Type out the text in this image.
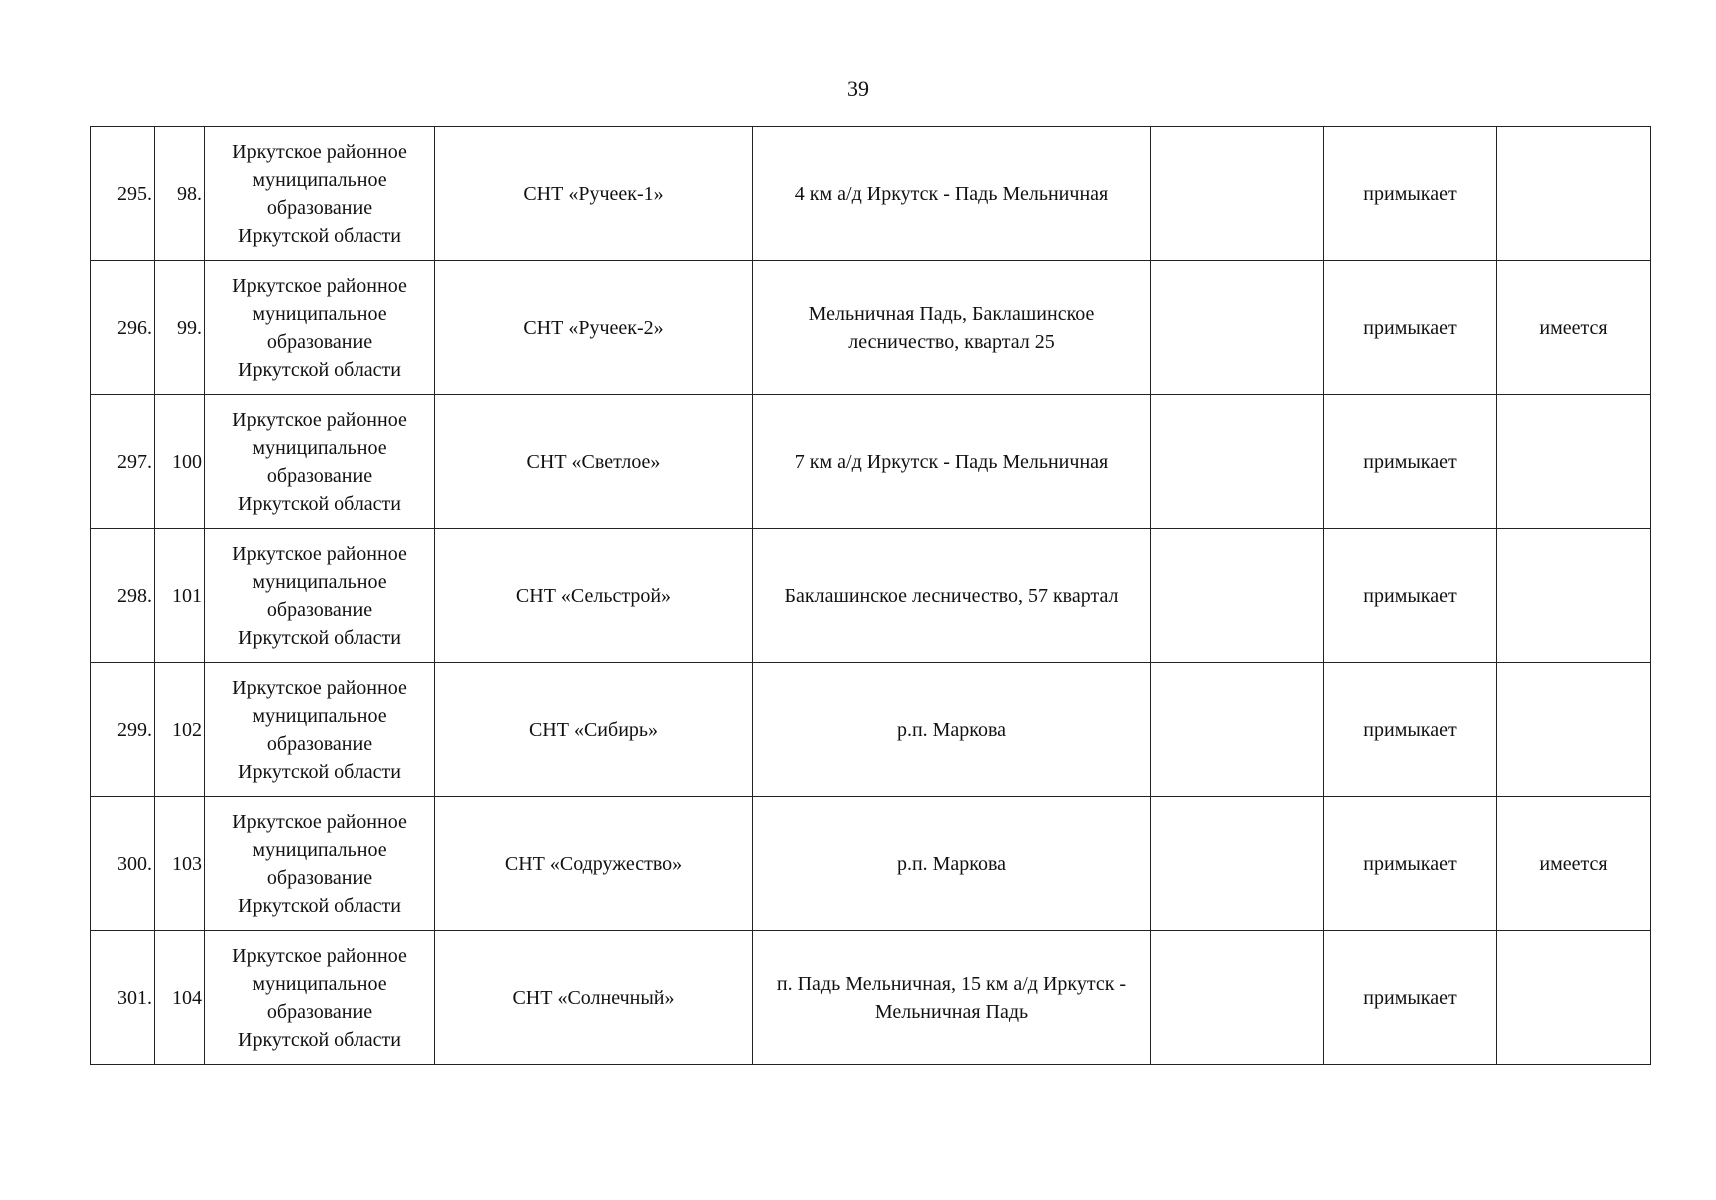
39
295.	98.	Иркутское районное
муниципальное
образование
Иркутской области	СНТ «Ручеек-1»	4 км а/д Иркутск - Падь Мельничная		примыкает	
296.	99.	Иркутское районное
муниципальное
образование
Иркутской области	СНТ «Ручеек-2»	Мельничная Падь, Баклашинское лесничество, квартал 25		примыкает	имеется
297.	100	Иркутское районное
муниципальное
образование
Иркутской области	СНТ «Светлое»	7 км а/д Иркутск - Падь Мельничная		примыкает	
298.	101	Иркутское районное
муниципальное
образование
Иркутской области	СНТ «Сельстрой»	Баклашинское лесничество, 57 квартал		примыкает	
299.	102	Иркутское районное
муниципальное
образование
Иркутской области	СНТ «Сибирь»	р.п. Маркова		примыкает	
300.	103	Иркутское районное
муниципальное
образование
Иркутской области	СНТ «Содружество»	р.п. Маркова		примыкает	имеется
301.	104	Иркутское районное
муниципальное
образование
Иркутской области	СНТ «Солнечный»	п. Падь Мельничная, 15 км а/д Иркутск - Мельничная Падь		примыкает	
